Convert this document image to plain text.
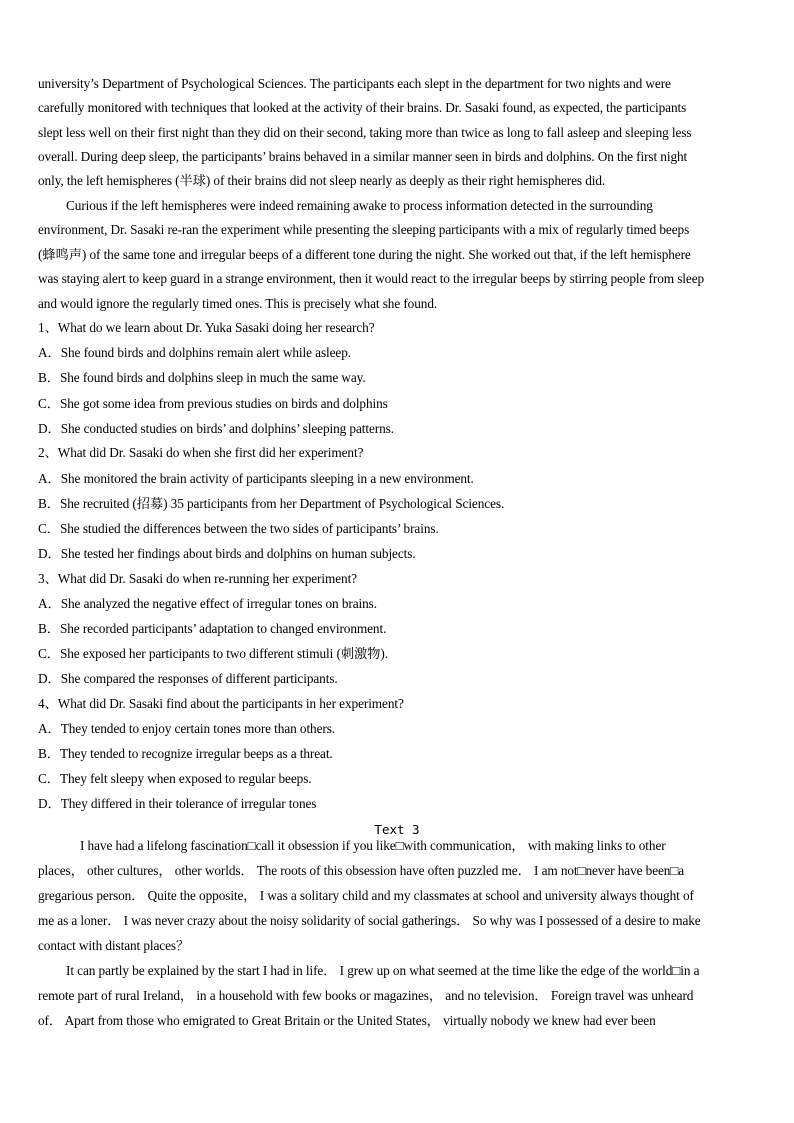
university’s Department of Psychological Sciences. The participants each slept in the department for two nights and were
carefully monitored with techniques that looked at the activity of their brains. Dr. Sasaki found, as expected, the participants
slept less well on their first night than they did on their second, taking more than twice as long to fall asleep and sleeping less
overall. During deep sleep, the participants’ brains behaved in a similar manner seen in birds and dolphins. On the first night
only, the left hemispheres (半球) of their brains did not sleep nearly as deeply as their right hemispheres did.
Curious if the left hemispheres were indeed remaining awake to process information detected in the surrounding
environment, Dr. Sasaki re-ran the experiment while presenting the sleeping participants with a mix of regularly timed beeps
(蜂鸣声) of the same tone and irregular beeps of a different tone during the night. She worked out that, if the left hemisphere
was staying alert to keep guard in a strange environment, then it would react to the irregular beeps by stirring people from sleep
and would ignore the regularly timed ones. This is precisely what she found.
1、What do we learn about Dr. Yuka Sasaki doing her research?
A．She found birds and dolphins remain alert while asleep.
B．She found birds and dolphins sleep in much the same way.
C．She got some idea from previous studies on birds and dolphins
D．She conducted studies on birds’ and dolphins’ sleeping patterns.
2、What did Dr. Sasaki do when she first did her experiment?
A．She monitored the brain activity of participants sleeping in a new environment.
B．She recruited (招募) 35 participants from her Department of Psychological Sciences.
C．She studied the differences between the two sides of participants’ brains.
D．She tested her findings about birds and dolphins on human subjects.
3、What did Dr. Sasaki do when re-running her experiment?
A．She analyzed the negative effect of irregular tones on brains.
B．She recorded participants’ adaptation to changed environment.
C．She exposed her participants to two different stimuli (刺激物).
D．She compared the responses of different participants.
4、What did Dr. Sasaki find about the participants in her experiment?
A．They tended to enjoy certain tones more than others.
B．They tended to recognize irregular beeps as a threat.
C．They felt sleepy when exposed to regular beeps.
D．They differed in their tolerance of irregular tones
Text 3
I have had a lifelong fascination□call it obsession if you like□with communication， with making links to other
places， other cultures， other worlds． The roots of this obsession have often puzzled me． I am not□never have been□a
gregarious person． Quite the opposite， I was a solitary child and my classmates at school and university always thought of
me as a loner． I was never crazy about the noisy solidarity of social gatherings． So why was I possessed of a desire to make
contact with distant places？
It can partly be explained by the start I had in life． I grew up on what seemed at the time like the edge of the world□in a
remote part of rural Ireland， in a household with few books or magazines， and no television． Foreign travel was unheard
of． Apart from those who emigrated to Great Britain or the United States， virtually nobody we knew had ever been
